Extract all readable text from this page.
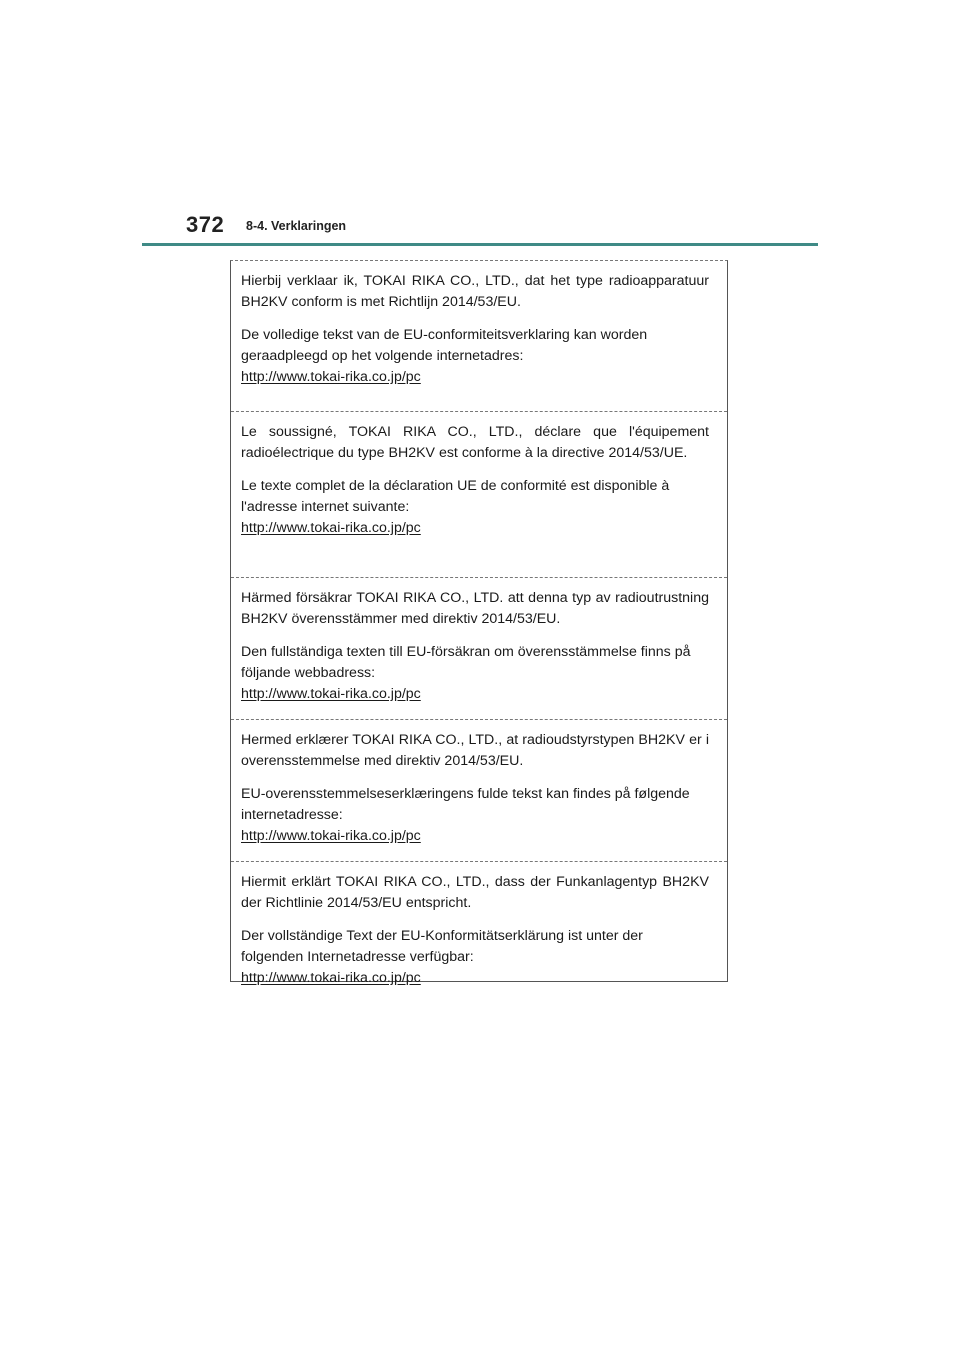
372 8-4. Verklaringen

Hierbij verklaar ik, TOKAI RIKA CO., LTD., dat het type radioapparatuur BH2KV conform is met Richtlijn 2014/53/EU.

De volledige tekst van de EU-conformiteitsverklaring kan worden geraadpleegd op het volgende internetadres:

http://www.tokai-rika.co.jp/pc

Le soussigné, TOKAI RIKA CO., LTD., déclare que l'équipement radioélectrique du type BH2KV est conforme à la directive 2014/53/UE.

Le texte complet de la déclaration UE de conformité est disponible à l'adresse internet suivante:

http://www.tokai-rika.co.jp/pc

Härmed försäkrar TOKAI RIKA CO., LTD. att denna typ av radioutrustning BH2KV överensstämmer med direktiv 2014/53/EU.

Den fullständiga texten till EU-försäkran om överensstämmelse finns på följande webbadress:

http://www.tokai-rika.co.jp/pc

Hermed erklærer TOKAI RIKA CO., LTD., at radioudstyrstypen BH2KV er i overensstemmelse med direktiv 2014/53/EU.

EU-overensstemmelseserklæringens fulde tekst kan findes på følgende internetadresse:

http://www.tokai-rika.co.jp/pc

Hiermit erklärt TOKAI RIKA CO., LTD., dass der Funkanlagentyp BH2KV der Richtlinie 2014/53/EU entspricht.

Der vollständige Text der EU-Konformitätserklärung ist unter der folgenden Internetadresse verfügbar:

http://www.tokai-rika.co.jp/pc
